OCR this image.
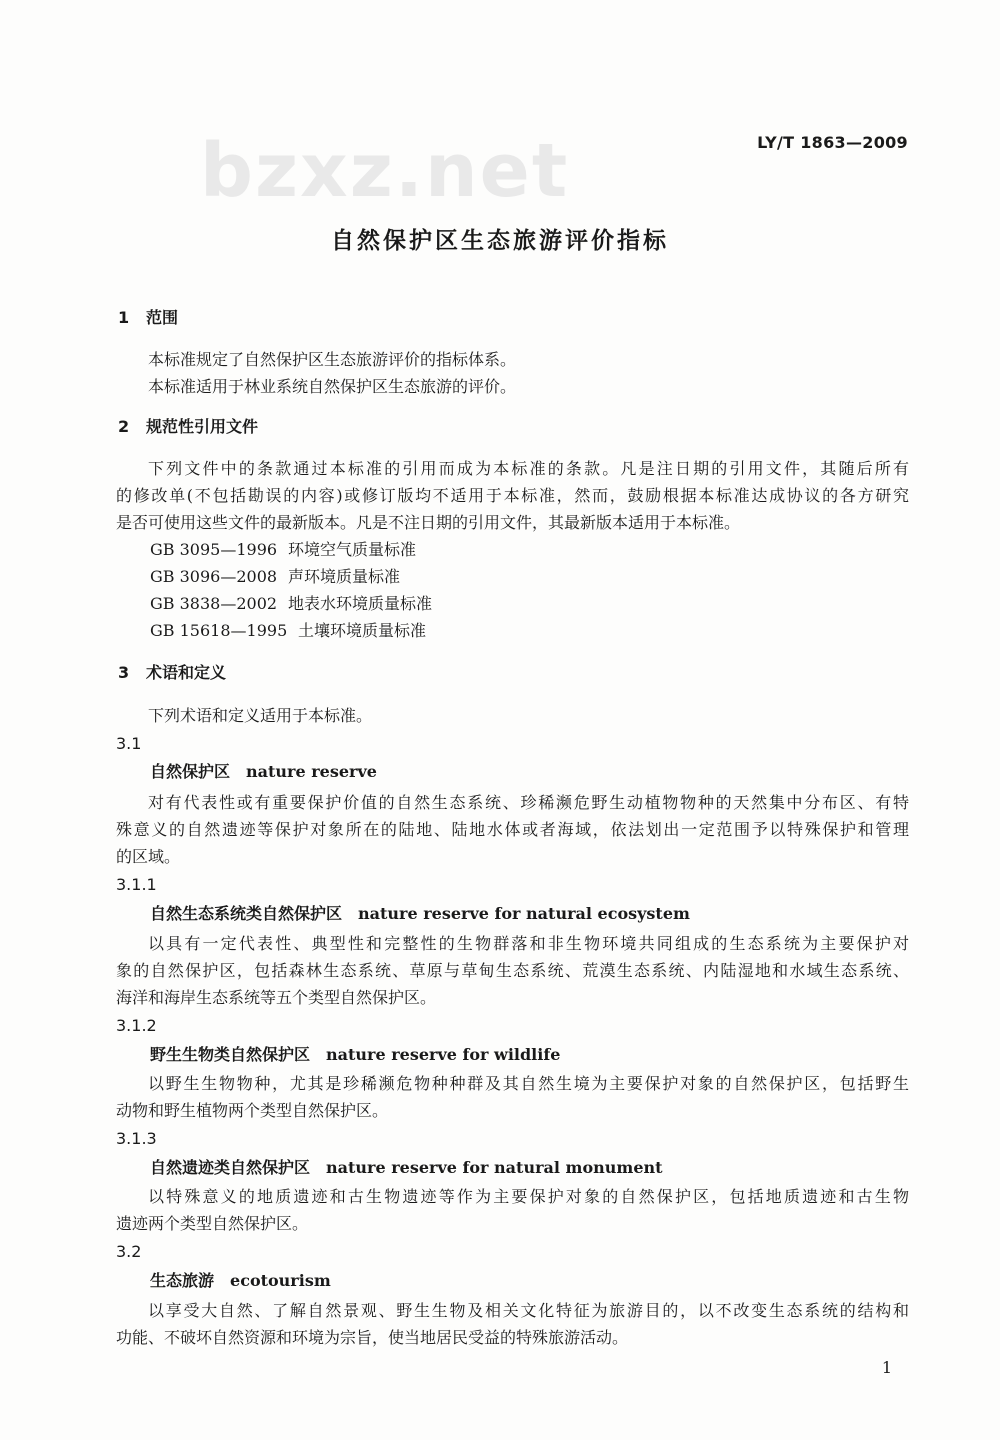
bzxz.net	LY/T 1863—2009
自然保护区生态旅游评价指标
1 范围
本标准规定了自然保护区生态旅游评价的指标体系。
本标准适用于林业系统自然保护区生态旅游的评价。
2 规范性引用文件
下列文件中的条款通过本标准的引用而成为本标准的条款。凡是注日期的引用文件，其随后所有
的修改单(不包括勘误的内容)或修订版均不适用于本标准，然而，鼓励根据本标准达成协议的各方研究
是否可使用这些文件的最新版本。凡是不注日期的引用文件，其最新版本适用于本标准。
GB 3095—1996 环境空气质量标准
GB 3096—2008 声环境质量标准
GB 3838—2002 地表水环境质量标准
GB 15618—1995 土壤环境质量标准
3 术语和定义
下列术语和定义适用于本标准。
3.1
自然保护区 nature reserve
对有代表性或有重要保护价值的自然生态系统、珍稀濒危野生动植物物种的天然集中分布区、有特
殊意义的自然遗迹等保护对象所在的陆地、陆地水体或者海域，依法划出一定范围予以特殊保护和管理
的区域。
3.1.1
自然生态系统类自然保护区 nature reserve for natural ecosystem
以具有一定代表性、典型性和完整性的生物群落和非生物环境共同组成的生态系统为主要保护对
象的自然保护区，包括森林生态系统、草原与草甸生态系统、荒漠生态系统、内陆湿地和水域生态系统、
海洋和海岸生态系统等五个类型自然保护区。
3.1.2
野生生物类自然保护区 nature reserve for wildlife
以野生生物物种，尤其是珍稀濒危物种种群及其自然生境为主要保护对象的自然保护区，包括野生
动物和野生植物两个类型自然保护区。
3.1.3
自然遗迹类自然保护区 nature reserve for natural monument
以特殊意义的地质遗迹和古生物遗迹等作为主要保护对象的自然保护区，包括地质遗迹和古生物
遗迹两个类型自然保护区。
3.2
生态旅游 ecotourism
以享受大自然、了解自然景观、野生生物及相关文化特征为旅游目的，以不改变生态系统的结构和
功能、不破坏自然资源和环境为宗旨，使当地居民受益的特殊旅游活动。
1
